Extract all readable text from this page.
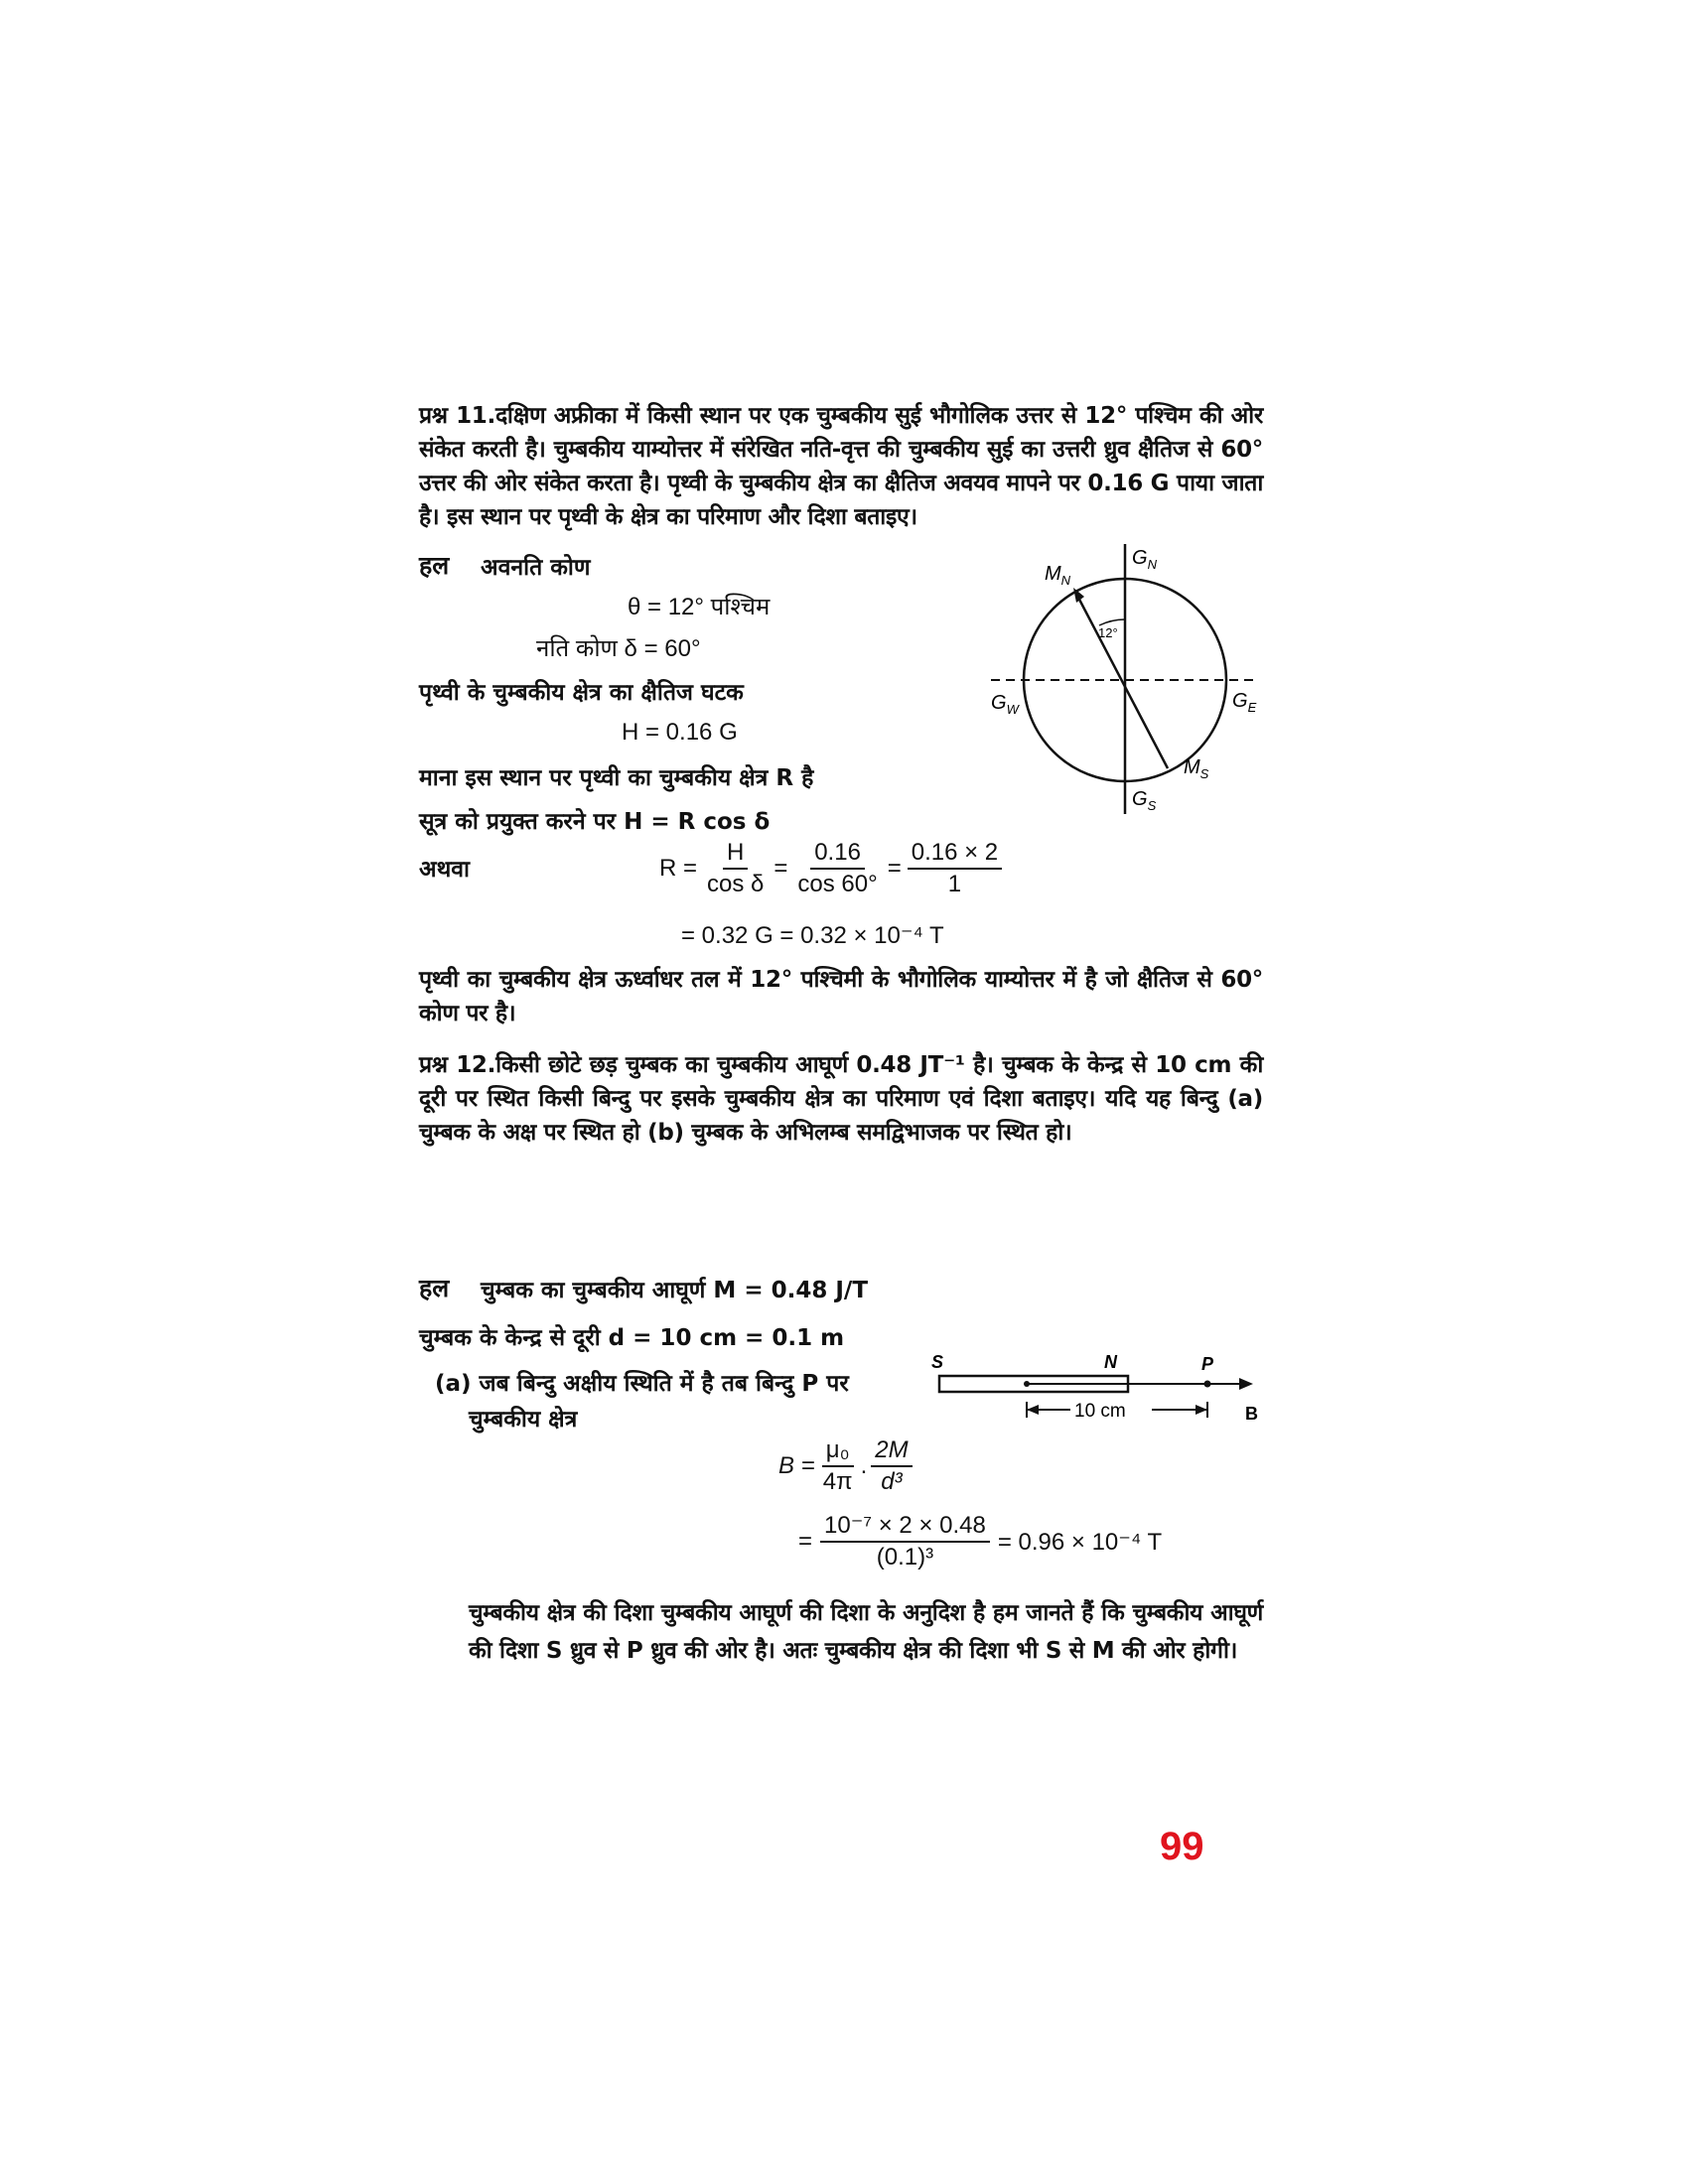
प्रश्न 11.दक्षिण अफ्रीका में किसी स्थान पर एक चुम्बकीय सुई भौगोलिक उत्तर से 12° पश्चिम की ओर संकेत करती है। चुम्बकीय याम्योत्तर में संरेखित नति-वृत्त की चुम्बकीय सुई का उत्तरी ध्रुव क्षैतिज से 60° उत्तर की ओर संकेत करता है। पृथ्वी के चुम्बकीय क्षेत्र का क्षैतिज अवयव मापने पर 0.16 G पाया जाता है। इस स्थान पर पृथ्वी के क्षेत्र का परिमाण और दिशा बताइए।
हल अवनति कोण
θ = 12° पश्चिम
नति कोण δ = 60°
पृथ्वी के चुम्बकीय क्षेत्र का क्षैतिज घटक
H = 0.16 G
माना इस स्थान पर पृथ्वी का चुम्बकीय क्षेत्र R है
सूत्र को प्रयुक्त करने पर H = R cos δ
अथवा	$R = \frac{H}{\text{cos δ}} = \frac{0.16}{\cos 60^\circ} = \frac{0.16 \times 2}{1}$
= 0.32 G = 0.32 × 10⁻⁴ T
पृथ्वी का चुम्बकीय क्षेत्र ऊर्ध्वाधर तल में 12° पश्चिमी के भौगोलिक याम्योत्तर में है जो क्षैतिज से 60° कोण पर है।
12°
$G_N$
$M_N$
$G_W$	$G_E$
$M_S$
$G_S$
प्रश्न 12.किसी छोटे छड़ चुम्बक का चुम्बकीय आघूर्ण 0.48 JT⁻¹ है। चुम्बक के केन्द्र से 10 cm की दूरी पर स्थित किसी बिन्दु पर इसके चुम्बकीय क्षेत्र का परिमाण एवं दिशा बताइए। यदि यह बिन्दु (a) चुम्बक के अक्ष पर स्थित हो (b) चुम्बक के अभिलम्ब समद्विभाजक पर स्थित हो।
हल चुम्बक का चुम्बकीय आघूर्ण M = 0.48 J/T
चुम्बक के केन्द्र से दूरी d = 10 cm = 0.1 m
(a) जब बिन्दु अक्षीय स्थिति में है तब बिन्दु P पर
चुम्बकीय क्षेत्र
S	N	P
B
10 cm
$B = \frac{\text{μ₀}}{4\pi}$ . $\frac{2M}{\text{d³}}$
= $\frac{\text{10⁻⁷ × 2 × 0.48}}{\text{(0.1)³}} = 0.96 \times 10^{-4}$ T
चुम्बकीय क्षेत्र की दिशा चुम्बकीय आघूर्ण की दिशा के अनुदिश है हम जानते हैं कि चुम्बकीय आघूर्ण की दिशा S ध्रुव से P ध्रुव की ओर है। अतः चुम्बकीय क्षेत्र की दिशा भी S से M की ओर होगी।
99
